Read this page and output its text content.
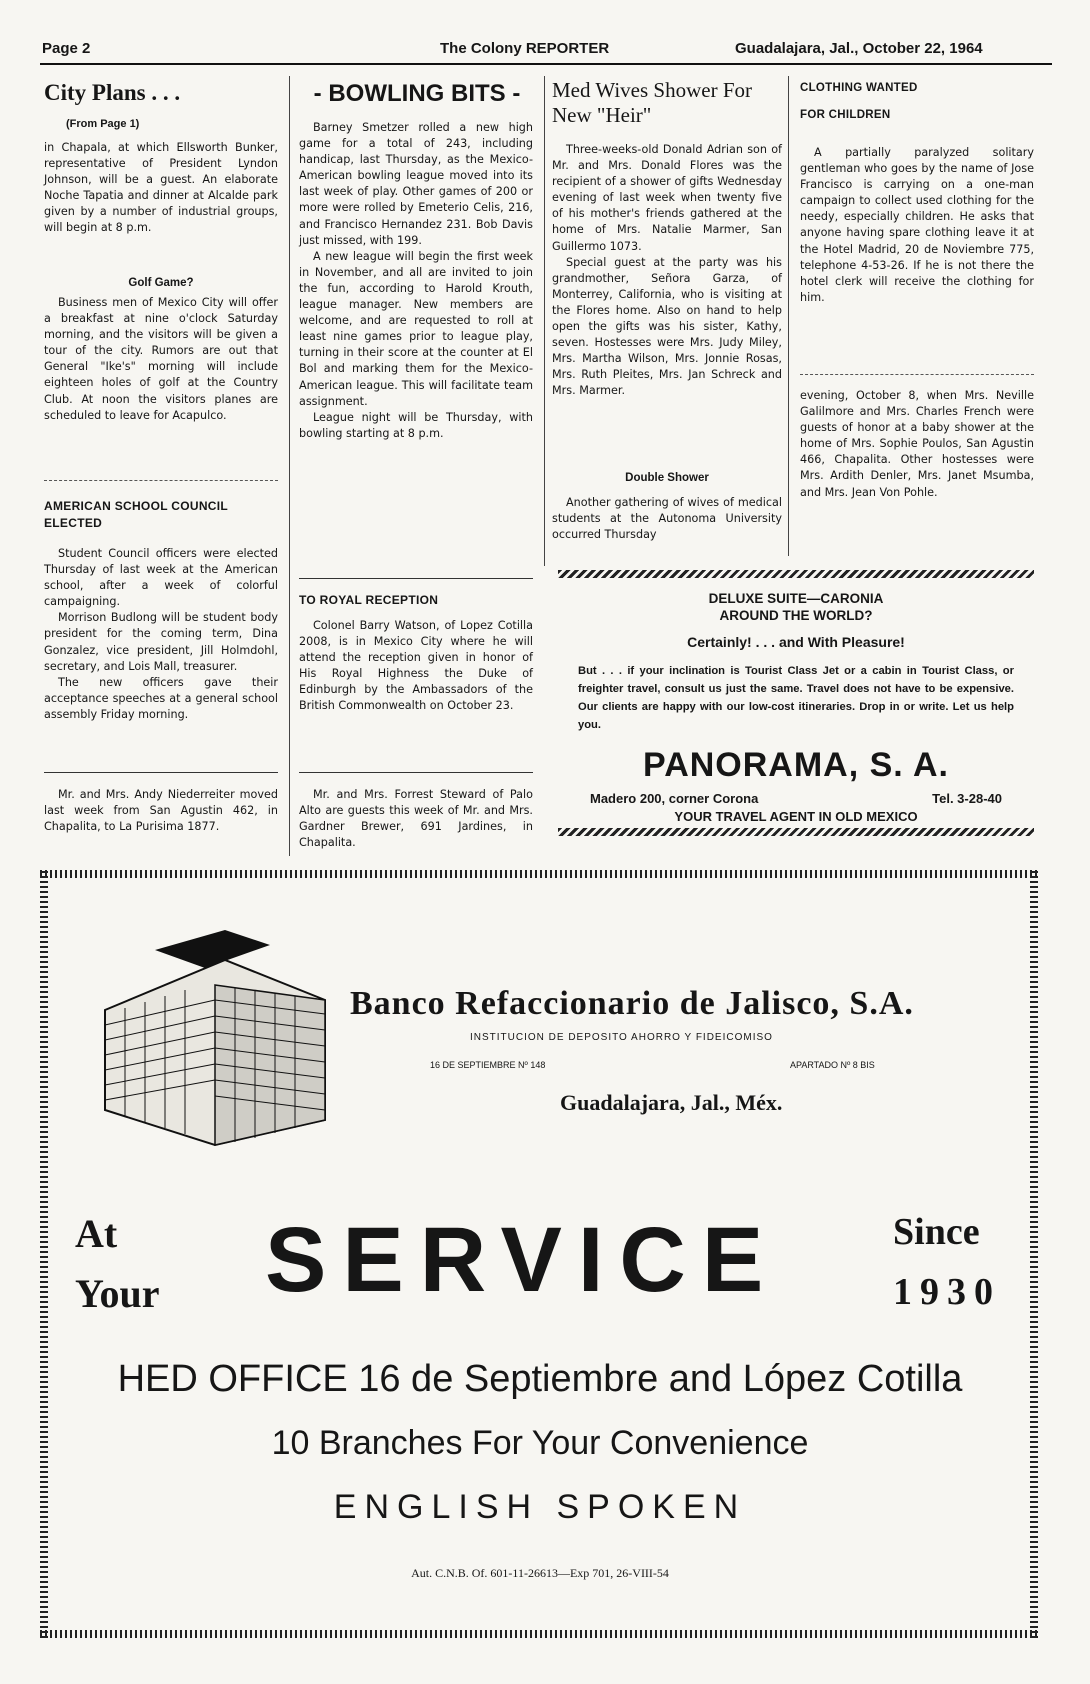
Page 2	The Colony REPORTER	Guadalajara, Jal., October 22, 1964
City Plans . . .
(From Page 1)

in Chapala, at which Ellsworth Bunker, representative of President Lyndon Johnson, will be a guest. An elaborate Noche Tapatia and dinner at Alcalde park given by a number of industrial groups, will begin at 8 p.m.

Golf Game?

Business men of Mexico City will offer a breakfast at nine o'clock Saturday morning, and the visitors will be given a tour of the city. Rumors are out that General "Ike's" morning will include eighteen holes of golf at the Country Club. At noon the visitors planes are scheduled to leave for Acapulco.

AMERICAN SCHOOL COUNCIL ELECTED

Student Council officers were elected Thursday of last week at the American school, after a week of colorful campaigning.

Morrison Budlong will be student body president for the coming term, Dina Gonzalez, vice president, Jill Holmdohl, secretary, and Lois Mall, treasurer.

The new officers gave their acceptance speeches at a general school assembly Friday morning.

Mr. and Mrs. Andy Niederreiter moved last week from San Agustin 462, in Chapalita, to La Purisima 1877.

- BOWLING BITS -

Barney Smetzer rolled a new high game for a total of 243, including handicap, last Thursday, as the Mexico-American bowling league moved into its last week of play. Other games of 200 or more were rolled by Emeterio Celis, 216, and Francisco Hernandez 231. Bob Davis just missed, with 199.

A new league will begin the first week in November, and all are invited to join the fun, according to Harold Krouth, league manager. New members are welcome, and are requested to roll at least nine games prior to league play, turning in their score at the counter at El Bol and marking them for the Mexico-American league. This will facilitate team assignment.

League night will be Thursday, with bowling starting at 8 p.m.

TO ROYAL RECEPTION

Colonel Barry Watson, of Lopez Cotilla 2008, is in Mexico City where he will attend the reception given in honor of His Royal Highness the Duke of Edinburgh by the Ambassadors of the British Commonwealth on October 23.

Mr. and Mrs. Forrest Steward of Palo Alto are guests this week of Mr. and Mrs. Gardner Brewer, 691 Jardines, in Chapalita.

Med Wives Shower For New "Heir"

Three-weeks-old Donald Adrian son of Mr. and Mrs. Donald Flores was the recipient of a shower of gifts Wednesday evening of last week when twenty five of his mother's friends gathered at the home of Mrs. Natalie Marmer, San Guillermo 1073.

Special guest at the party was his grandmother, Señora Garza, of Monterrey, California, who is visiting at the Flores home. Also on hand to help open the gifts was his sister, Kathy, seven. Hostesses were Mrs. Judy Miley, Mrs. Martha Wilson, Mrs. Jonnie Rosas, Mrs. Ruth Pleites, Mrs. Jan Schreck and Mrs. Marmer.

Double Shower

Another gathering of wives of medical students at the Autonoma University occurred Thursday

CLOTHING WANTED
FOR CHILDREN

A partially paralyzed solitary gentleman who goes by the name of Jose Francisco is carrying on a one-man campaign to collect used clothing for the needy, especially children. He asks that anyone having spare clothing leave it at the Hotel Madrid, 20 de Noviembre 775, telephone 4-53-26. If he is not there the hotel clerk will receive the clothing for him.

evening, October 8, when Mrs. Neville Galilmore and Mrs. Charles French were guests of honor at a baby shower at the home of Mrs. Sophie Poulos, San Agustin 466, Chapalita. Other hostesses were Mrs. Ardith Denler, Mrs. Janet Msumba, and Mrs. Jean Von Pohle.

DELUXE SUITE—CARONIA
AROUND THE WORLD?
Certainly! . . . and With Pleasure!
But . . . if your inclination is Tourist Class Jet or a cabin in Tourist Class, or freighter travel, consult us just the same. Travel does not have to be expensive. Our clients are happy with our low-cost itineraries. Drop in or write. Let us help you.
PANORAMA, S. A.
Madero 200, corner Corona	Tel. 3-28-40
YOUR TRAVEL AGENT IN OLD MEXICO
Banco Refaccionario de Jalisco, S.A.
INSTITUCION DE DEPOSITO AHORRO Y FIDEICOMISO
16 DE SEPTIEMBRE Nº 148	APARTADO Nº 8 BIS
Guadalajara, Jal., Méx.
At
Your SERVICE	Since
1930
HED OFFICE 16 de Septiembre and López Cotilla
10 Branches For Your Convenience
ENGLISH SPOKEN
Aut. C.N.B. Of. 601-11-26613—Exp 701, 26-VIII-54
